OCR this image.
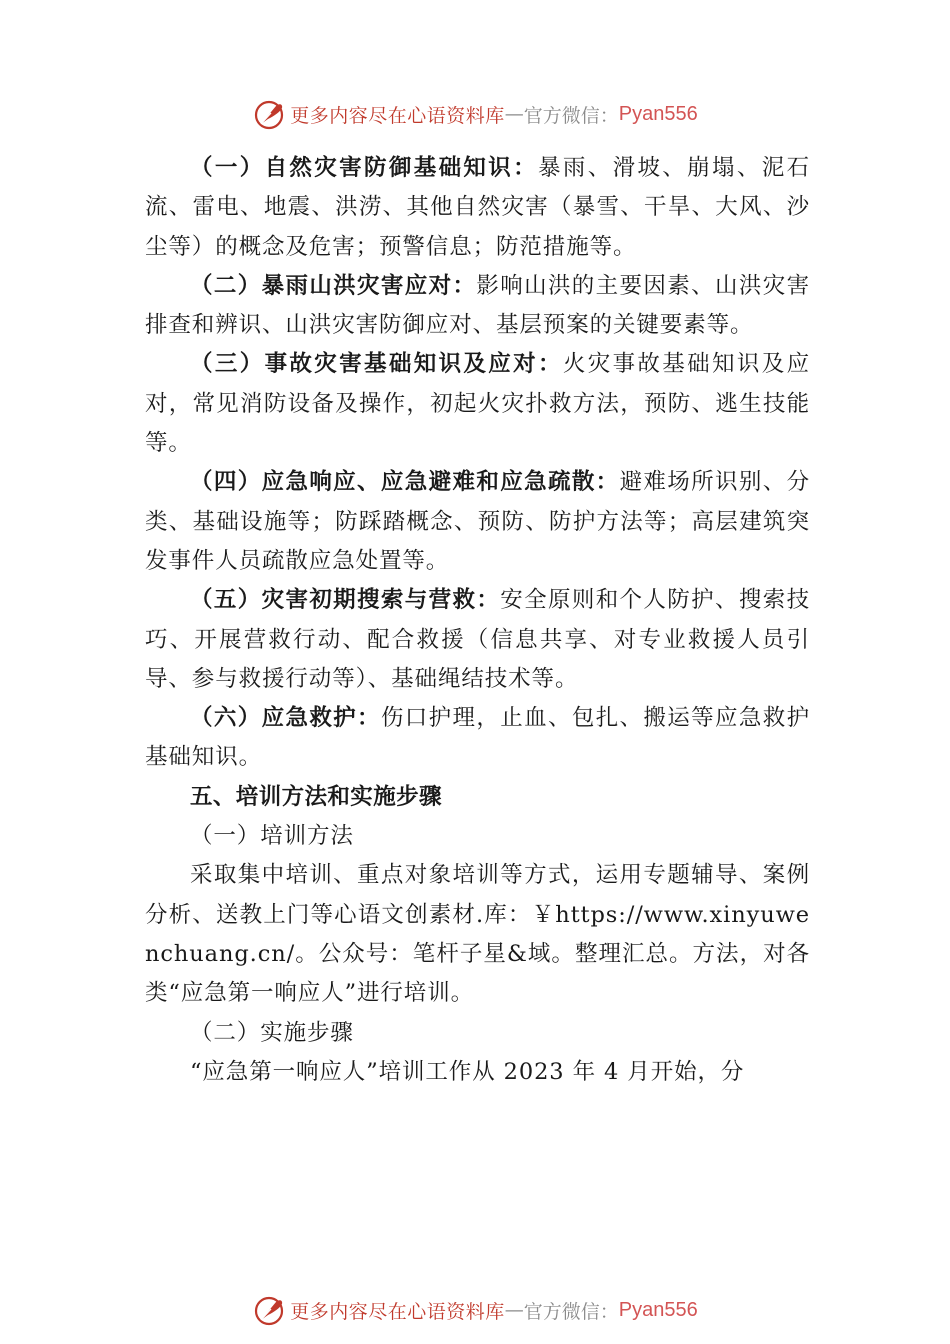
更多内容尽在心语资料库 — 官方微信： Pyan556

（一）自然灾害防御基础知识：暴雨、滑坡、崩塌、泥石流、雷电、地震、洪涝、其他自然灾害（暴雪、干旱、大风、沙尘等）的概念及危害；预警信息；防范措施等。

（二）暴雨山洪灾害应对：影响山洪的主要因素、山洪灾害排查和辨识、山洪灾害防御应对、基层预案的关键要素等。

（三）事故灾害基础知识及应对：火灾事故基础知识及应对，常见消防设备及操作，初起火灾扑救方法，预防、逃生技能等。

（四）应急响应、应急避难和应急疏散：避难场所识别、分类、基础设施等；防踩踏概念、预防、防护方法等；高层建筑突发事件人员疏散应急处置等。

（五）灾害初期搜索与营救：安全原则和个人防护、搜索技巧、开展营救行动、配合救援（信息共享、对专业救援人员引导、参与救援行动等）、基础绳结技术等。

（六）应急救护：伤口护理，止血、包扎、搬运等应急救护基础知识。

五、培训方法和实施步骤

（一）培训方法

采取集中培训、重点对象培训等方式，运用专题辅导、案例分析、送教上门等心语文创素材.库：￥https://www.xinyuwenchuang.cn/。公众号：笔杆子星&域。整理汇总。方法，对各类“应急第一响应人”进行培训。

（二）实施步骤

“应急第一响应人”培训工作从 2023 年 4 月开始，分

更多内容尽在心语资料库 — 官方微信： Pyan556
